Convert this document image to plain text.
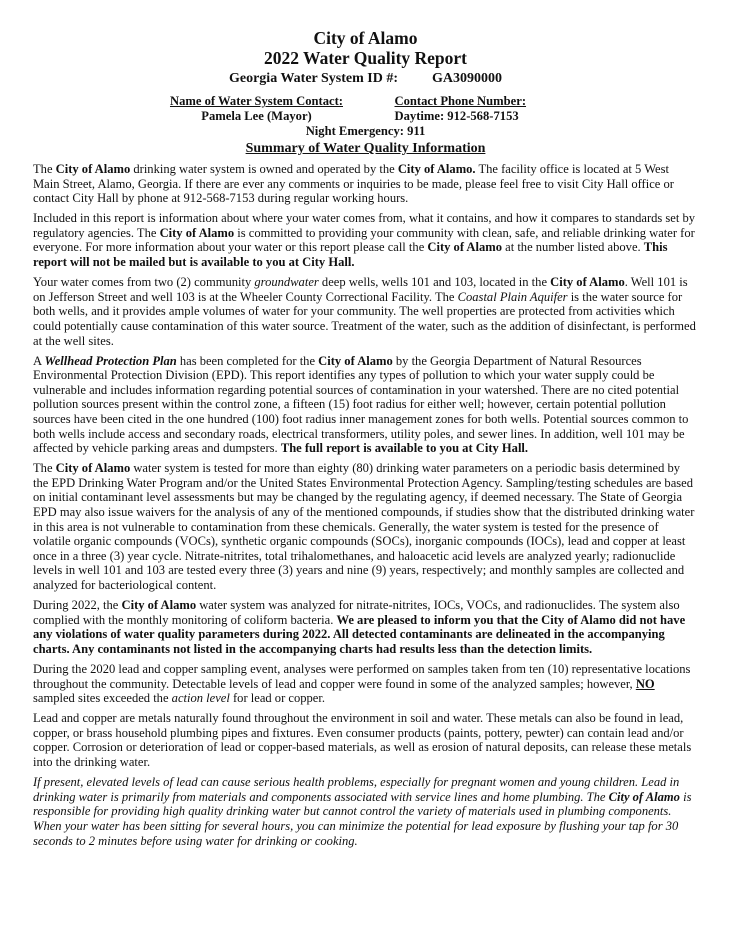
City of Alamo
2022 Water Quality Report
Georgia Water System ID #: GA3090000
Name of Water System Contact:
Pamela Lee (Mayor)
Contact Phone Number:
Daytime: 912-568-7153
Night Emergency: 911
Summary of Water Quality Information

The City of Alamo drinking water system is owned and operated by the City of Alamo. The facility office is located at 5 West Main Street, Alamo, Georgia. If there are ever any comments or inquiries to be made, please feel free to visit City Hall office or contact City Hall by phone at 912-568-7153 during regular working hours.

Included in this report is information about where your water comes from, what it contains, and how it compares to standards set by regulatory agencies. The City of Alamo is committed to providing your community with clean, safe, and reliable drinking water for everyone. For more information about your water or this report please call the City of Alamo at the number listed above. This report will not be mailed but is available to you at City Hall.

Your water comes from two (2) community groundwater deep wells, wells 101 and 103, located in the City of Alamo. Well 101 is on Jefferson Street and well 103 is at the Wheeler County Correctional Facility. The Coastal Plain Aquifer is the water source for both wells, and it provides ample volumes of water for your community. The well properties are protected from activities which could potentially cause contamination of this water source. Treatment of the water, such as the addition of disinfectant, is performed at the well sites.

A Wellhead Protection Plan has been completed for the City of Alamo by the Georgia Department of Natural Resources Environmental Protection Division (EPD). This report identifies any types of pollution to which your water supply could be vulnerable and includes information regarding potential sources of contamination in your watershed. There are no cited potential pollution sources present within the control zone, a fifteen (15) foot radius for either well; however, certain potential pollution sources have been cited in the one hundred (100) foot radius inner management zones for both wells. Potential sources common to both wells include access and secondary roads, electrical transformers, utility poles, and sewer lines. In addition, well 101 may be affected by vehicle parking areas and dumpsters. The full report is available to you at City Hall.

The City of Alamo water system is tested for more than eighty (80) drinking water parameters on a periodic basis determined by the EPD Drinking Water Program and/or the United States Environmental Protection Agency. Sampling/testing schedules are based on initial contaminant level assessments but may be changed by the regulating agency, if deemed necessary. The State of Georgia EPD may also issue waivers for the analysis of any of the mentioned compounds, if studies show that the distributed drinking water in this area is not vulnerable to contamination from these chemicals. Generally, the water system is tested for the presence of volatile organic compounds (VOCs), synthetic organic compounds (SOCs), inorganic compounds (IOCs), lead and copper at least once in a three (3) year cycle. Nitrate-nitrites, total trihalomethanes, and haloacetic acid levels are analyzed yearly; radionuclide levels in well 101 and 103 are tested every three (3) years and nine (9) years, respectively; and monthly samples are collected and analyzed for bacteriological content.

During 2022, the City of Alamo water system was analyzed for nitrate-nitrites, IOCs, VOCs, and radionuclides. The system also complied with the monthly monitoring of coliform bacteria. We are pleased to inform you that the City of Alamo did not have any violations of water quality parameters during 2022. All detected contaminants are delineated in the accompanying charts. Any contaminants not listed in the accompanying charts had results less than the detection limits.

During the 2020 lead and copper sampling event, analyses were performed on samples taken from ten (10) representative locations throughout the community. Detectable levels of lead and copper were found in some of the analyzed samples; however, NO sampled sites exceeded the action level for lead or copper.

Lead and copper are metals naturally found throughout the environment in soil and water. These metals can also be found in lead, copper, or brass household plumbing pipes and fixtures. Even consumer products (paints, pottery, pewter) can contain lead and/or copper. Corrosion or deterioration of lead or copper-based materials, as well as erosion of natural deposits, can release these metals into the drinking water.

If present, elevated levels of lead can cause serious health problems, especially for pregnant women and young children. Lead in drinking water is primarily from materials and components associated with service lines and home plumbing. The City of Alamo is responsible for providing high quality drinking water but cannot control the variety of materials used in plumbing components. When your water has been sitting for several hours, you can minimize the potential for lead exposure by flushing your tap for 30 seconds to 2 minutes before using water for drinking or cooking.
